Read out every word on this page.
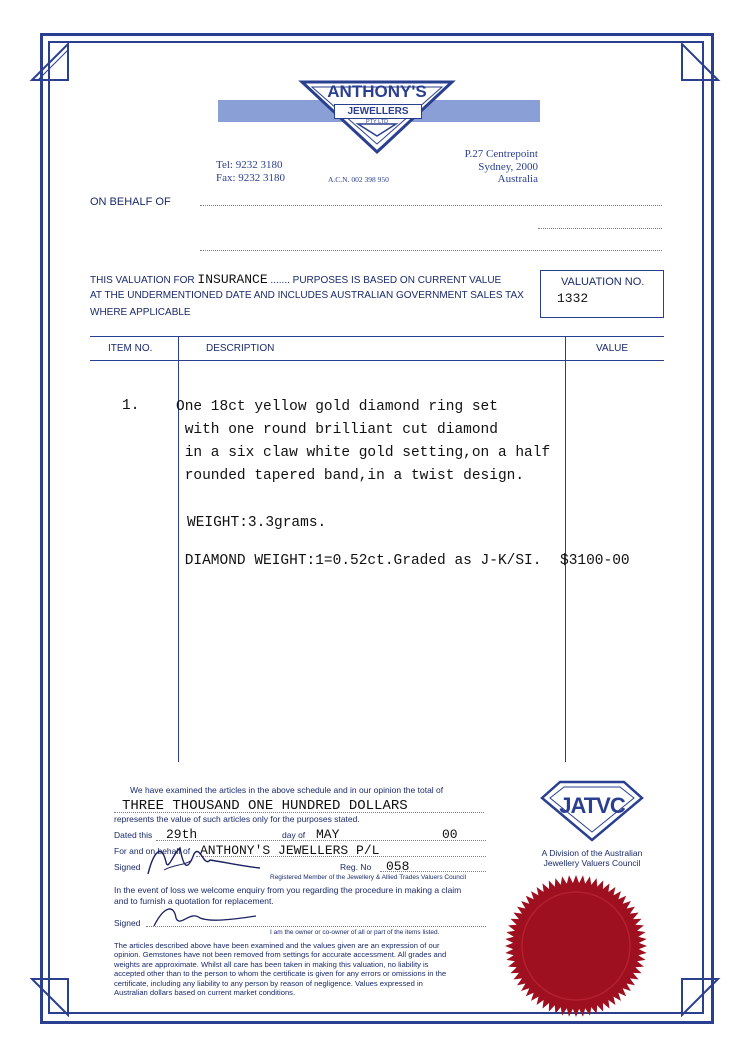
ANTHONY'S
JEWELLERS
PTY LTD
Tel: 9232 3180
Fax: 9232 3180	A.C.N. 002 398 950
P.27 Centrepoint
Sydney, 2000
Australia
ON BEHALF OF
THIS VALUATION FOR INSURANCE ....... PURPOSES IS BASED ON CURRENT VALUE
AT THE UNDERMENTIONED DATE AND INCLUDES AUSTRALIAN GOVERNMENT SALES TAX
WHERE APPLICABLE
VALUATION NO.
1332
ITEM NO.	DESCRIPTION	VALUE
1.	One 18ct yellow gold diamond ring set
with one round brilliant cut diamond
in a six claw white gold setting,on a half
rounded tapered band,in a twist design.
WEIGHT:3.3grams.
DIAMOND WEIGHT:1=0.52ct.Graded as J-K/SI. $3100-00
We have examined the articles in the above schedule and in our opinion the total of
THREE THOUSAND ONE HUNDRED DOLLARS
represents the value of such articles only for the purposes stated.
Dated this 29th	day of MAY	00
For and on behalf of ANTHONY'S JEWELLERS P/L
Signed	Reg. No 058
Registered Member of the Jewellery & Allied Trades Valuers Council
In the event of loss we welcome enquiry from you regarding the procedure in making a claim
and to furnish a quotation for replacement.
Signed
I am the owner or co-owner of all or part of the items listed.
The articles described above have been examined and the values given are an expression of our
opinion. Gemstones have not been removed from settings for accurate accessment. All grades and
weights are approximate. Whilst all care has been taken in making this valuation, no liability is
accepted other than to the person to whom the certificate is given for any errors or omissions in the
certificate, including any liability to any person by reason of negligence. Values expressed in
Australian dollars based on current market conditions.
JATVC
A Division of the Australian
Jewellery Valuers Council
